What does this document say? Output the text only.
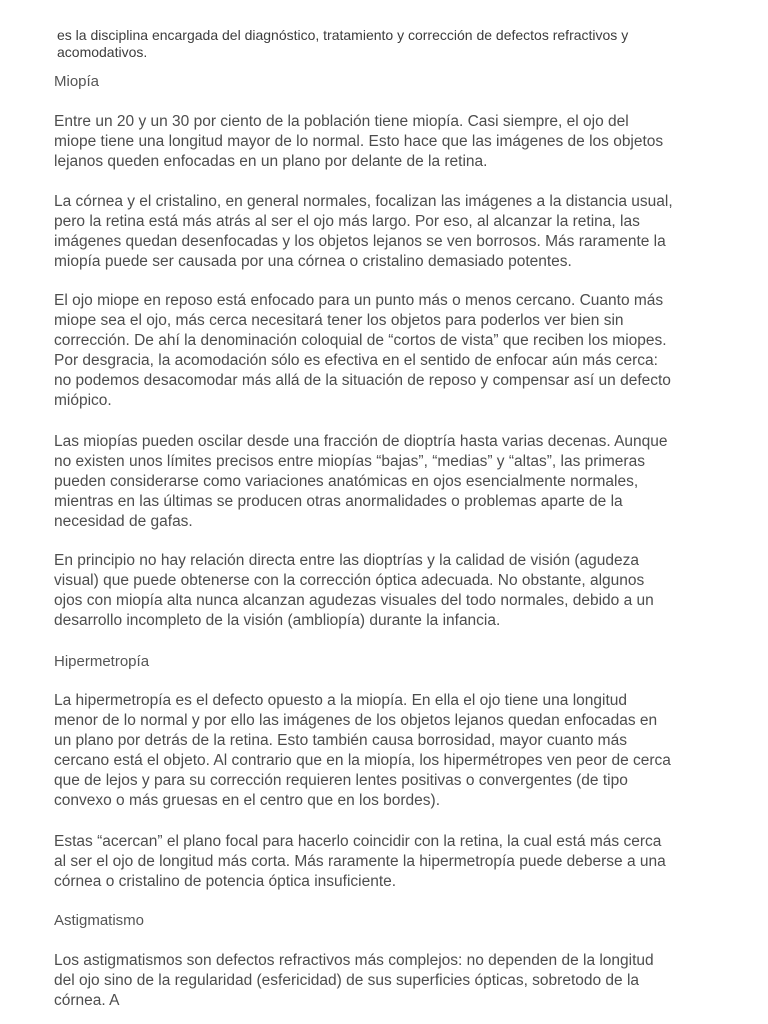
es la disciplina encargada del diagnóstico, tratamiento y corrección de defectos refractivos y acomodativos.

Miopía

Entre un 20 y un 30 por ciento de la población tiene miopía. Casi siempre, el ojo del miope tiene una longitud mayor de lo normal. Esto hace que las imágenes de los objetos lejanos queden enfocadas en un plano por delante de la retina.

La córnea y el cristalino, en general normales, focalizan las imágenes a la distancia usual, pero la retina está más atrás al ser el ojo más largo. Por eso, al alcanzar la retina, las imágenes quedan desenfocadas y los objetos lejanos se ven borrosos. Más raramente la miopía puede ser causada por una córnea o cristalino demasiado potentes.

El ojo miope en reposo está enfocado para un punto más o menos cercano. Cuanto más miope sea el ojo, más cerca necesitará tener los objetos para poderlos ver bien sin corrección. De ahí la denominación coloquial de “cortos de vista” que reciben los miopes. Por desgracia, la acomodación sólo es efectiva en el sentido de enfocar aún más cerca: no podemos desacomodar más allá de la situación de reposo y compensar así un defecto miópico.

Las miopías pueden oscilar desde una fracción de dioptría hasta varias decenas. Aunque no existen unos límites precisos entre miopías “bajas”, “medias” y “altas”, las primeras pueden considerarse como variaciones anatómicas en ojos esencialmente normales, mientras en las últimas se producen otras anormalidades o problemas aparte de la necesidad de gafas.

En principio no hay relación directa entre las dioptrías y la calidad de visión (agudeza visual) que puede obtenerse con la corrección óptica adecuada. No obstante, algunos ojos con miopía alta nunca alcanzan agudezas visuales del todo normales, debido a un desarrollo incompleto de la visión (ambliopía) durante la infancia.

Hipermetropía

La hipermetropía es el defecto opuesto a la miopía. En ella el ojo tiene una longitud menor de lo normal y por ello las imágenes de los objetos lejanos quedan enfocadas en un plano por detrás de la retina. Esto también causa borrosidad, mayor cuanto más cercano está el objeto. Al contrario que en la miopía, los hipermétropes ven peor de cerca que de lejos y para su corrección requieren lentes positivas o convergentes (de tipo convexo o más gruesas en el centro que en los bordes).

Estas “acercan” el plano focal para hacerlo coincidir con la retina, la cual está más cerca al ser el ojo de longitud más corta. Más raramente la hipermetropía puede deberse a una córnea o cristalino de potencia óptica insuficiente.

Astigmatismo

Los astigmatismos son defectos refractivos más complejos: no dependen de la longitud del ojo sino de la regularidad (esfericidad) de sus superficies ópticas, sobretodo de la córnea. A
